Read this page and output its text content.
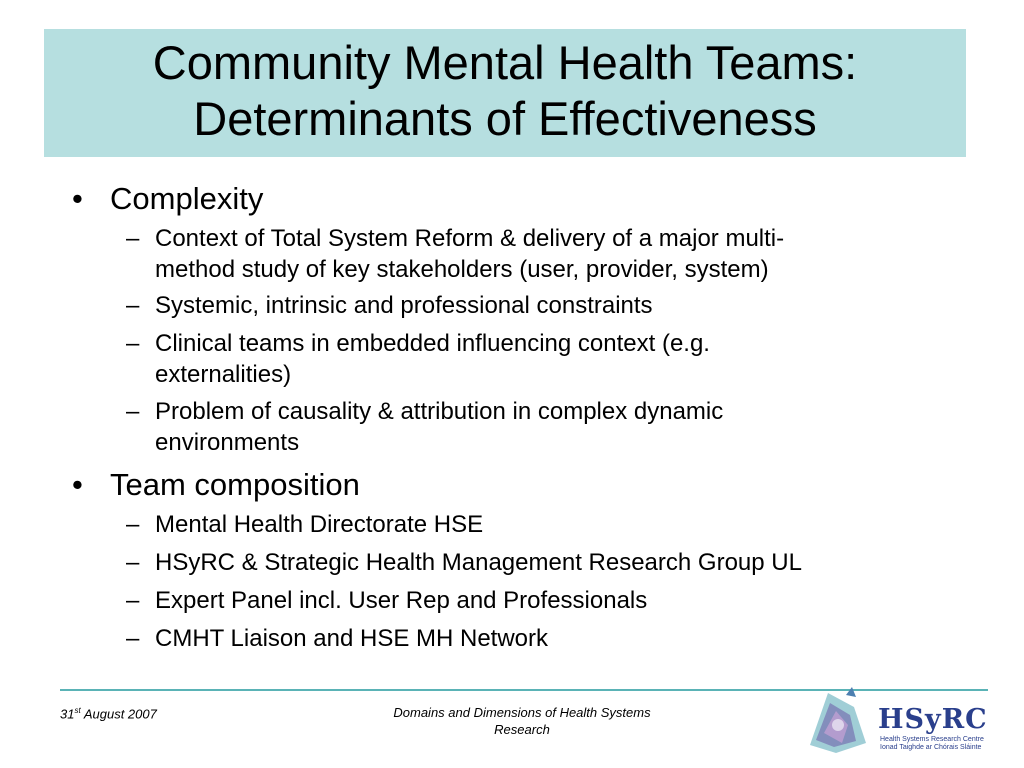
Community Mental Health Teams:
Determinants of Effectiveness
• Complexity
– Context of Total System Reform & delivery of a major multi-
method study of key stakeholders (user, provider, system)
– Systemic, intrinsic and professional constraints
– Clinical teams in embedded influencing context (e.g.
externalities)
– Problem of causality & attribution in complex dynamic
environments
• Team composition
– Mental Health Directorate HSE
– HSyRC & Strategic Health Management Research Group UL
– Expert Panel incl. User Rep and Professionals
– CMHT Liaison and HSE MH Network
31st August 2007	Domains and Dimensions of Health Systems
Research	HSyRC
Health Systems Research Centre
Ionad Taighde ar Chórais Sláinte
